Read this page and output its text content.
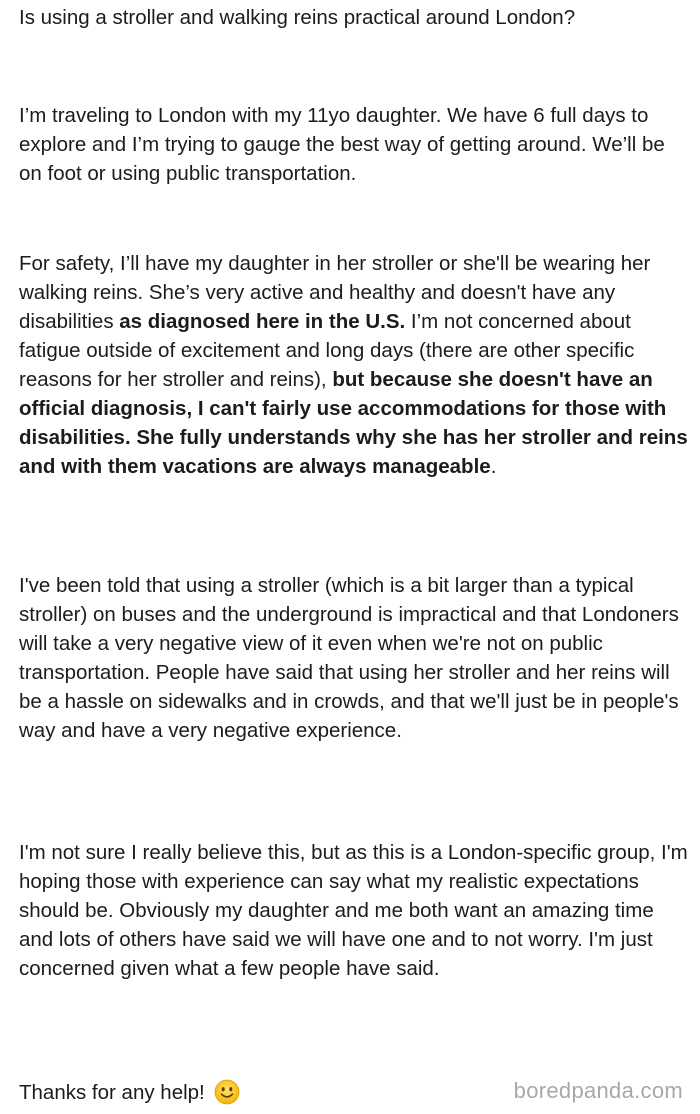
Is using a stroller and walking reins practical around London?

I’m traveling to London with my 11yo daughter. We have 6 full days to explore and I’m trying to gauge the best way of getting around. We’ll be on foot or using public transportation.

For safety, I’ll have my daughter in her stroller or she'll be wearing her walking reins. She’s very active and healthy and doesn't have any disabilities as diagnosed here in the U.S. I’m not concerned about fatigue outside of excitement and long days (there are other specific reasons for her stroller and reins), but because she doesn't have an official diagnosis, I can't fairly use accommodations for those with disabilities. She fully understands why she has her stroller and reins and with them vacations are always manageable.

I've been told that using a stroller (which is a bit larger than a typical stroller) on buses and the underground is impractical and that Londoners will take a very negative view of it even when we're not on public transportation. People have said that using her stroller and her reins will be a hassle on sidewalks and in crowds, and that we'll just be in people's way and have a very negative experience.

I'm not sure I really believe this, but as this is a London-specific group, I'm hoping those with experience can say what my realistic expectations should be. Obviously my daughter and me both want an amazing time and lots of others have said we will have one and to not worry. I'm just concerned given what a few people have said.

Thanks for any help!	boredpanda.com
